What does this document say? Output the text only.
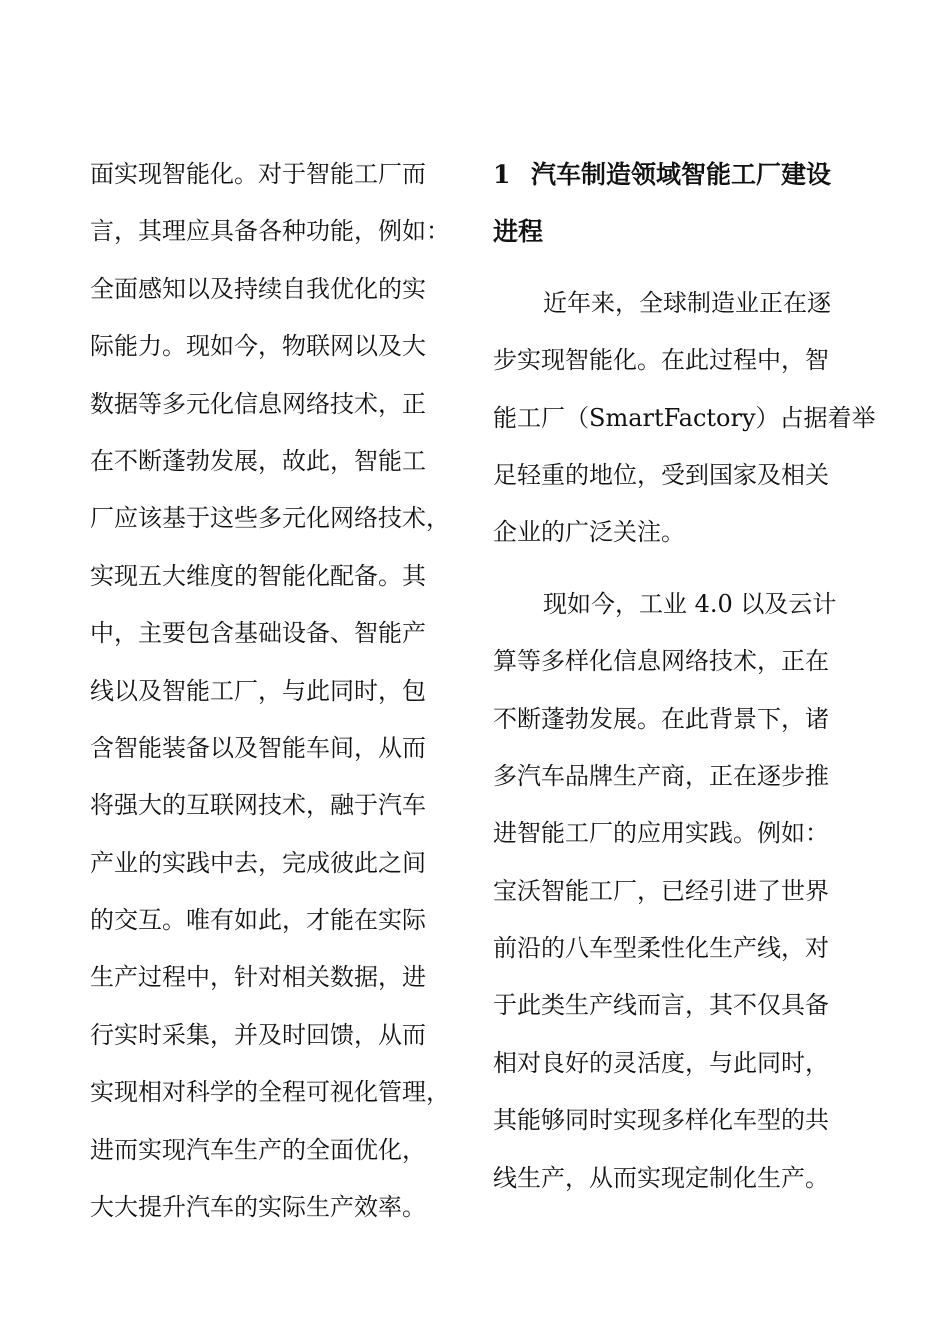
面实现智能化。对于智能工厂而
言，其理应具备各种功能，例如：
全面感知以及持续自我优化的实
际能力。现如今，物联网以及大
数据等多元化信息网络技术，正
在不断蓬勃发展，故此，智能工
厂应该基于这些多元化网络技术，
实现五大维度的智能化配备。其
中，主要包含基础设备、智能产
线以及智能工厂，与此同时，包
含智能装备以及智能车间，从而
将强大的互联网技术，融于汽车
产业的实践中去，完成彼此之间
的交互。唯有如此，才能在实际
生产过程中，针对相关数据，进
行实时采集，并及时回馈，从而
实现相对科学的全程可视化管理，
进而实现汽车生产的全面优化，
大大提升汽车的实际生产效率。
1 汽车制造领域智能工厂建设
进程
近年来，全球制造业正在逐
步实现智能化。在此过程中，智
能工厂（SmartFactory）占据着举
足轻重的地位，受到国家及相关
企业的广泛关注。
现如今，工业 4.0 以及云计
算等多样化信息网络技术，正在
不断蓬勃发展。在此背景下，诸
多汽车品牌生产商，正在逐步推
进智能工厂的应用实践。例如：
宝沃智能工厂，已经引进了世界
前沿的八车型柔性化生产线，对
于此类生产线而言，其不仅具备
相对良好的灵活度，与此同时，
其能够同时实现多样化车型的共
线生产，从而实现定制化生产。
